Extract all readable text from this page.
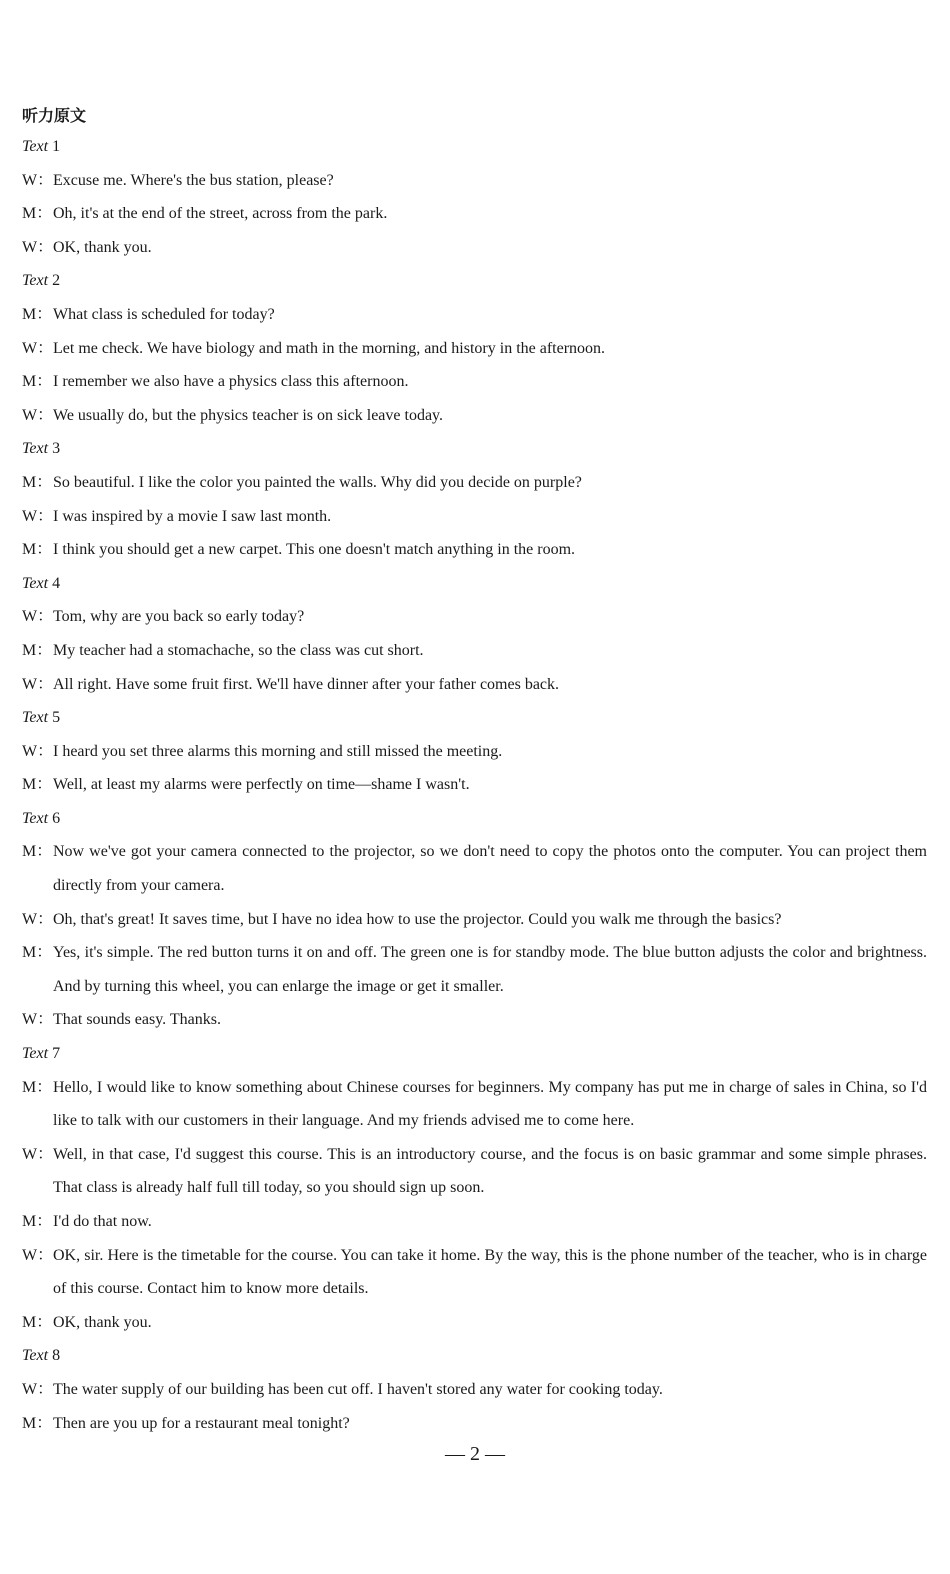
听力原文
Text 1
W： Excuse me. Where's the bus station, please?
M： Oh, it's at the end of the street, across from the park.
W： OK, thank you.
Text 2
M： What class is scheduled for today?
W： Let me check. We have biology and math in the morning, and history in the afternoon.
M： I remember we also have a physics class this afternoon.
W： We usually do, but the physics teacher is on sick leave today.
Text 3
M： So beautiful. I like the color you painted the walls. Why did you decide on purple?
W： I was inspired by a movie I saw last month.
M： I think you should get a new carpet. This one doesn't match anything in the room.
Text 4
W： Tom, why are you back so early today?
M： My teacher had a stomachache, so the class was cut short.
W： All right. Have some fruit first. We'll have dinner after your father comes back.
Text 5
W： I heard you set three alarms this morning and still missed the meeting.
M： Well, at least my alarms were perfectly on time—shame I wasn't.
Text 6
M： Now we've got your camera connected to the projector, so we don't need to copy the photos onto the computer. You can project them directly from your camera.
W： Oh, that's great! It saves time, but I have no idea how to use the projector. Could you walk me through the basics?
M： Yes, it's simple. The red button turns it on and off. The green one is for standby mode. The blue button adjusts the color and brightness. And by turning this wheel, you can enlarge the image or get it smaller.
W： That sounds easy. Thanks.
Text 7
M： Hello, I would like to know something about Chinese courses for beginners. My company has put me in charge of sales in China, so I'd like to talk with our customers in their language. And my friends advised me to come here.
W： Well, in that case, I'd suggest this course. This is an introductory course, and the focus is on basic grammar and some simple phrases. That class is already half full till today, so you should sign up soon.
M： I'd do that now.
W： OK, sir. Here is the timetable for the course. You can take it home. By the way, this is the phone number of the teacher, who is in charge of this course. Contact him to know more details.
M： OK, thank you.
Text 8
W： The water supply of our building has been cut off. I haven't stored any water for cooking today.
M： Then are you up for a restaurant meal tonight?
— 2 —
